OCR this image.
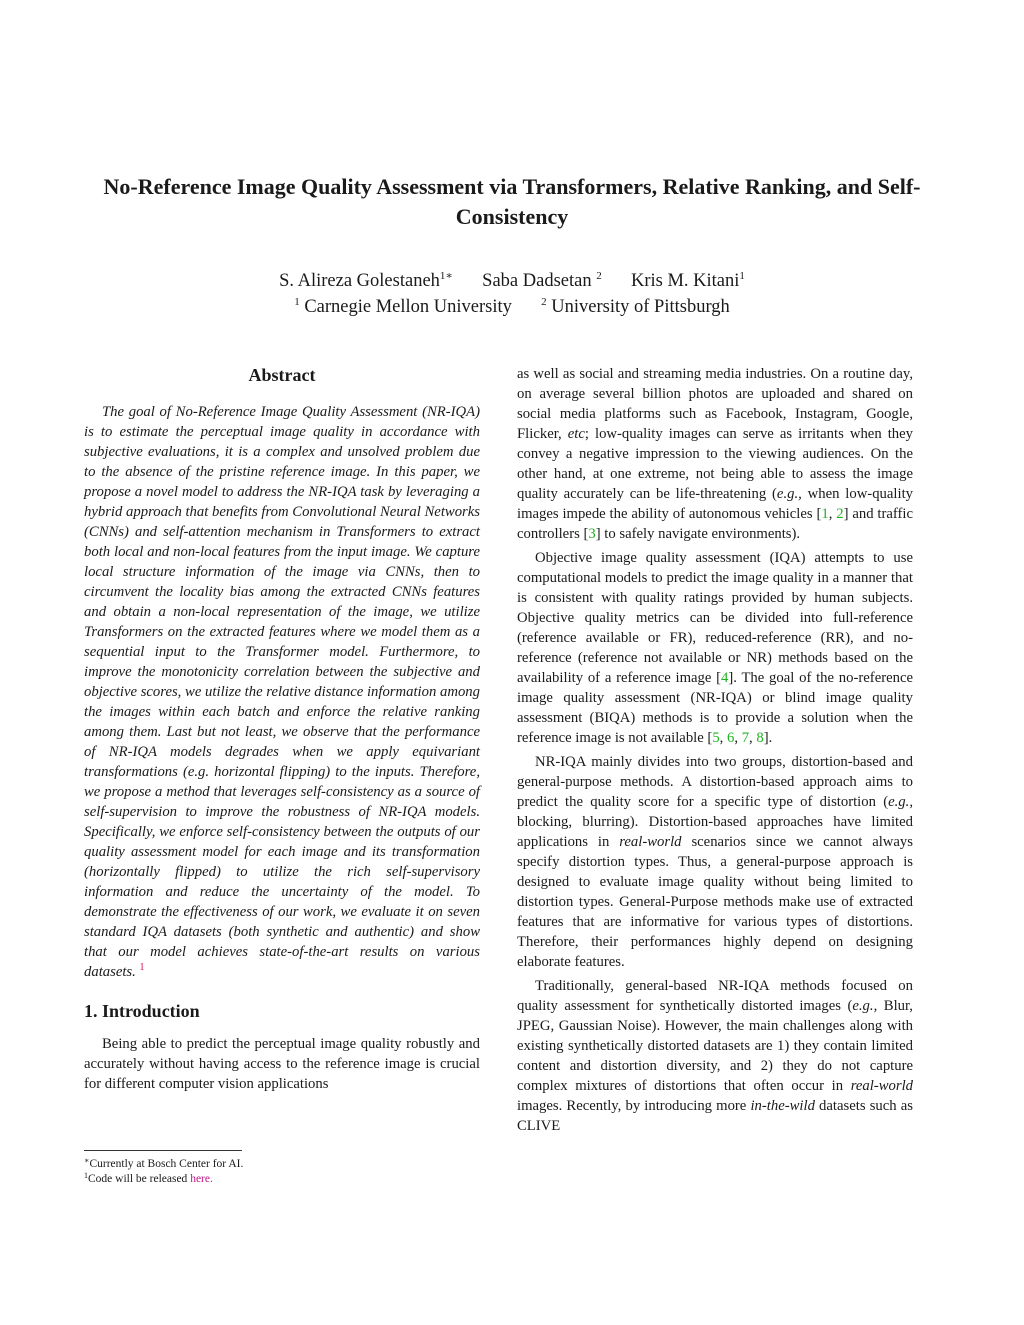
No-Reference Image Quality Assessment via Transformers, Relative Ranking, and Self-Consistency
S. Alireza Golestaneh$^{1∗}$ Saba Dadsetan $^2$ Kris M. Kitani$^1$
$^1$ Carnegie Mellon University	$^2$ University of Pittsburgh
Abstract

The goal of No-Reference Image Quality Assessment (NR-IQA) is to estimate the perceptual image quality in accordance with subjective evaluations, it is a complex and unsolved problem due to the absence of the pristine reference image. In this paper, we propose a novel model to address the NR-IQA task by leveraging a hybrid approach that benefits from Convolutional Neural Networks (CNNs) and self-attention mechanism in Transformers to extract both local and non-local features from the input image. We capture local structure information of the image via CNNs, then to circumvent the locality bias among the extracted CNNs features and obtain a non-local representation of the image, we utilize Transformers on the extracted features where we model them as a sequential input to the Transformer model. Furthermore, to improve the monotonicity correlation between the subjective and objective scores, we utilize the relative distance information among the images within each batch and enforce the relative ranking among them. Last but not least, we observe that the performance of NR-IQA models degrades when we apply equivariant transformations (e.g. horizontal flipping) to the inputs. Therefore, we propose a method that leverages self-consistency as a source of self-supervision to improve the robustness of NR-IQA models. Specifically, we enforce self-consistency between the outputs of our quality assessment model for each image and its transformation (horizontally flipped) to utilize the rich self-supervisory information and reduce the uncertainty of the model. To demonstrate the effectiveness of our work, we evaluate it on seven standard IQA datasets (both synthetic and authentic) and show that our model achieves state-of-the-art results on various datasets. $^1$

1. Introduction

Being able to predict the perceptual image quality robustly and accurately without having access to the reference image is crucial for different computer vision applications

as well as social and streaming media industries. On a routine day, on average several billion photos are uploaded and shared on social media platforms such as Facebook, Instagram, Google, Flicker, etc; low-quality images can serve as irritants when they convey a negative impression to the viewing audiences. On the other hand, at one extreme, not being able to assess the image quality accurately can be life-threatening (e.g., when low-quality images impede the ability of autonomous vehicles [1, 2] and traffic controllers [3] to safely navigate environments).

Objective image quality assessment (IQA) attempts to use computational models to predict the image quality in a manner that is consistent with quality ratings provided by human subjects. Objective quality metrics can be divided into full-reference (reference available or FR), reduced-reference (RR), and no-reference (reference not available or NR) methods based on the availability of a reference image [4]. The goal of the no-reference image quality assessment (NR-IQA) or blind image quality assessment (BIQA) methods is to provide a solution when the reference image is not available [5, 6, 7, 8].

NR-IQA mainly divides into two groups, distortion-based and general-purpose methods. A distortion-based approach aims to predict the quality score for a specific type of distortion (e.g., blocking, blurring). Distortion-based approaches have limited applications in real-world scenarios since we cannot always specify distortion types. Thus, a general-purpose approach is designed to evaluate image quality without being limited to distortion types. General-Purpose methods make use of extracted features that are informative for various types of distortions. Therefore, their performances highly depend on designing elaborate features.

Traditionally, general-based NR-IQA methods focused on quality assessment for synthetically distorted images (e.g., Blur, JPEG, Gaussian Noise). However, the main challenges along with existing synthetically distorted datasets are 1) they contain limited content and distortion diversity, and 2) they do not capture complex mixtures of distortions that often occur in real-world images. Recently, by introducing more in-the-wild datasets such as CLIVE

∗Currently at Bosch Center for AI.

$^1$Code will be released here.
